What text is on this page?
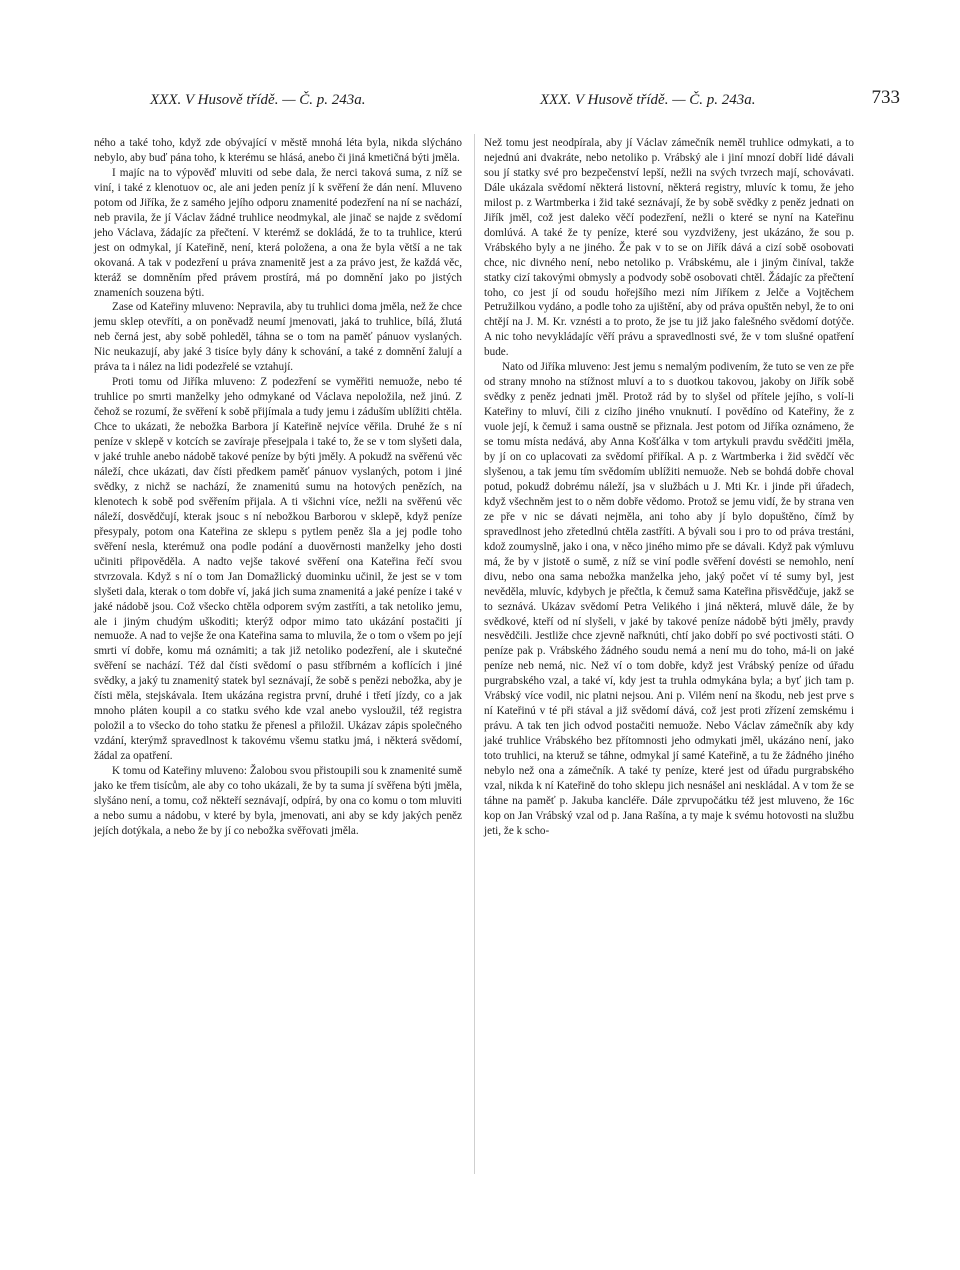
XXX. V Husově třídě. — Č. p. 243a.	XXX. V Husově třídě. — Č. p. 243a.	733

ného a také toho, když zde obývající v městě mnohá léta byla, nikda slýcháno nebylo, aby buď pána toho, k kterému se hlásá, anebo či jiná kmetičná býti jměla.

I majíc na to výpověď mluviti od sebe dala, že nerci taková suma, z níž se viní, i také z klenotuov oc, ale ani jeden peníz jí k svěření že dán není. Mluveno potom od Jiříka, že z samého jejího odporu znamenité podezření na ní se nachází, neb pravila, že jí Václav žádné truhlice neodmykal, ale jinač se najde z svědomí jeho Václava, žádajíc za přečtení. V kterémž se dokládá, že to ta truhlice, kterú jest on odmykal, jí Kateřině, není, která položena, a ona že byla větší a ne tak okovaná. A tak v podezření u práva znamenitě jest a za právo jest, že každá věc, kteráž se domněním před právem prostírá, má po domnění jako po jistých znameních souzena býti.

Zase od Kateřiny mluveno: Nepravila, aby tu truhlici doma jměla, než že chce jemu sklep otevříti, a on poněvadž neumí jmenovati, jaká to truhlice, bílá, žlutá neb černá jest, aby sobě pohleděl, táhna se o tom na paměť pánuov vyslaných. Nic neukazují, aby jaké 3 tisíce byly dány k schování, a také z domnění žalují a práva ta i nález na lidi podezřelé se vztahují.

Proti tomu od Jiříka mluveno: Z podezření se vyměřiti nemuože, nebo té truhlice po smrti manželky jeho odmykané od Václava nepoložila, než jinú. Z čehož se rozumí, že svěření k sobě přijímala a tudy jemu i záduším ublížiti chtěla. Chce to ukázati, že nebožka Barbora jí Kateřině nejvíce věřila. Druhé že s ní peníze v sklepě v kotcích se zavíraje přesejpala i také to, že se v tom slyšeti dala, v jaké truhle anebo nádobě takové peníze by býti jměly. A pokudž na svěřenú věc náleží, chce ukázati, dav čísti předkem paměť pánuov vyslaných, potom i jiné svědky, z nichž se nachází, že znamenitú sumu na hotových penězích, na klenotech k sobě pod svěřením přijala. A ti všichni více, nežli na svěřenú věc náleží, dosvědčují, kterak jsouc s ní nebožkou Barborou v sklepě, když peníze přesypaly, potom ona Kateřina ze sklepu s pytlem peněz šla a jej podle toho svěření nesla, kterémuž ona podle podání a duověrnosti manželky jeho dosti učiniti připověděla. A nadto vejše takové svěření ona Kateřina řečí svou stvrzovala. Když s ní o tom Jan Domažlický duominku učinil, že jest se v tom slyšeti dala, kterak o tom dobře ví, jaká jich suma znamenitá a jaké peníze i také v jaké nádobě jsou. Což všecko chtěla odporem svým zastříti, a tak netoliko jemu, ale i jiným chudým uškoditi; kterýž odpor mimo tato ukázání postačiti jí nemuože. A nad to vejše že ona Kateřina sama to mluvila, že o tom o všem po její smrti ví dobře, komu má oznámiti; a tak již netoliko podezření, ale i skutečné svěření se nachází. Též dal čísti svědomí o pasu stříbrném a koflících i jiné svědky, a jaký tu znamenitý statek byl seznávají, že sobě s penězi nebožka, aby je čísti měla, stejskávala. Item ukázána registra první, druhé i třetí jízdy, co a jak mnoho pláten koupil a co statku svého kde vzal anebo vysloužil, též registra položil a to všecko do toho statku že přenesl a přiložil. Ukázav zápis společného vzdání, kterýmž spravedlnost k takovému všemu statku jmá, i některá svědomí, žádal za opatření.

K tomu od Kateřiny mluveno: Žalobou svou přistoupili sou k znamenité sumě jako ke třem tisícům, ale aby co toho ukázali, že by ta suma jí svěřena býti jměla, slyšáno není, a tomu, což někteří seznávají, odpírá, by ona co komu o tom mluviti a nebo sumu a nádobu, v které by byla, jmenovati, ani aby se kdy jakých peněz jejích dotýkala, a nebo že by jí co nebožka svěřovati jměla.

Než tomu jest neodpírala, aby jí Václav zámečník neměl truhlice odmykati, a to nejednú ani dvakráte, nebo netoliko p. Vrábský ale i jiní mnozí dobří lidé dávali sou jí statky své pro bezpečenství lepší, nežli na svých tvrzech mají, schovávati. Dále ukázala svědomí některá listovní, některá registry, mluvíc k tomu, že jeho milost p. z Wartmberka i žid také seznávají, že by sobě svědky z peněz jednati on Jiřík jměl, což jest daleko věčí podezření, nežli o které se nyní na Kateřinu domlúvá. A také že ty peníze, které sou vyzdviženy, jest ukázáno, že sou p. Vrábského byly a ne jiného. Že pak v to se on Jiřík dává a cizí sobě osobovati chce, nic divného není, nebo netoliko p. Vrábskému, ale i jiným činíval, takže statky cizí takovými obmysly a podvody sobě osobovati chtěl. Žádajíc za přečtení toho, co jest jí od soudu hořejšího mezi ním Jiříkem z Jelče a Vojtěchem Petružilkou vydáno, a podle toho za ujištění, aby od práva opuštěn nebyl, že to oni chtějí na J. M. Kr. vznésti a to proto, že jse tu již jako falešného svědomí dotýče. A nic toho nevykládajíc věří právu a spravedlnosti své, že v tom slušné opatření bude.

Nato od Jiříka mluveno: Jest jemu s nemalým podivením, že tuto se ven ze pře od strany mnoho na stížnost mluví a to s duotkou takovou, jakoby on Jiřík sobě svědky z peněz jednati jměl. Protož rád by to slyšel od přítele jejího, s volí-li Kateřiny to mluví, čili z cizího jiného vnuknutí. I povědíno od Kateřiny, že z vuole její, k čemuž i sama oustně se přiznala. Jest potom od Jiříka oznámeno, že se tomu místa nedává, aby Anna Košťálka v tom artykuli pravdu svědčiti jměla, by jí on co uplacovati za svědomí přiříkal. A p. z Wartmberka i žid svědčí věc slyšenou, a tak jemu tím svědomím ublížiti nemuože. Neb se bohdá dobře choval potud, pokudž dobrému náleží, jsa v službách u J. Mti Kr. i jinde při úřadech, když všechněm jest to o něm dobře vědomo. Protož se jemu vidí, že by strana ven ze pře v nic se dávati nejměla, ani toho aby jí bylo dopuštěno, čímž by spravedlnost jeho zřetedlnú chtěla zastříti. A bývali sou i pro to od práva trestáni, kdož zoumyslně, jako i ona, v něco jiného mimo pře se dávali. Když pak výmluvu má, že by v jistotě o sumě, z níž se viní podle svěření dovésti se nemohlo, není divu, nebo ona sama nebožka manželka jeho, jaký počet ví té sumy byl, jest nevěděla, mluvíc, kdybych je přečtla, k čemuž sama Kateřina přisvědčuje, jakž se to seznává. Ukázav svědomí Petra Velikého i jiná některá, mluvě dále, že by svědkové, kteří od ní slyšeli, v jaké by takové peníze nádobě býti jměly, pravdy nesvědčili. Jestliže chce zjevně nařknúti, chtí jako dobří po své poctivosti státi. O peníze pak p. Vrábského žádného soudu nemá a není mu do toho, má-li on jaké peníze neb nemá, nic. Než ví o tom dobře, když jest Vrábský peníze od úřadu purgrabského vzal, a také ví, kdy jest ta truhla odmykána byla; a byť jich tam p. Vrábský více vodil, nic platni nejsou. Ani p. Vilém není na škodu, neb jest prve s ní Kateřinú v té při stával a již svědomí dává, což jest proti zřízení zemskému i právu. A tak ten jich odvod postačiti nemuože. Nebo Václav zámečník aby kdy jaké truhlice Vrábského bez přítomnosti jeho odmykati jměl, ukázáno není, jako toto truhlici, na kteruž se táhne, odmykal jí samé Kateřině, a tu že žádného jiného nebylo než ona a zámečník. A také ty peníze, které jest od úřadu purgrabského vzal, nikda k ní Kateřině do toho sklepu jich nesnášel ani neskládal. A v tom že se táhne na paměť p. Jakuba kancléře. Dále zprvupočátku též jest mluveno, že 16c kop on Jan Vrábský vzal od p. Jana Rašína, a ty maje k svému hotovosti na službu jeti, že k scho-
